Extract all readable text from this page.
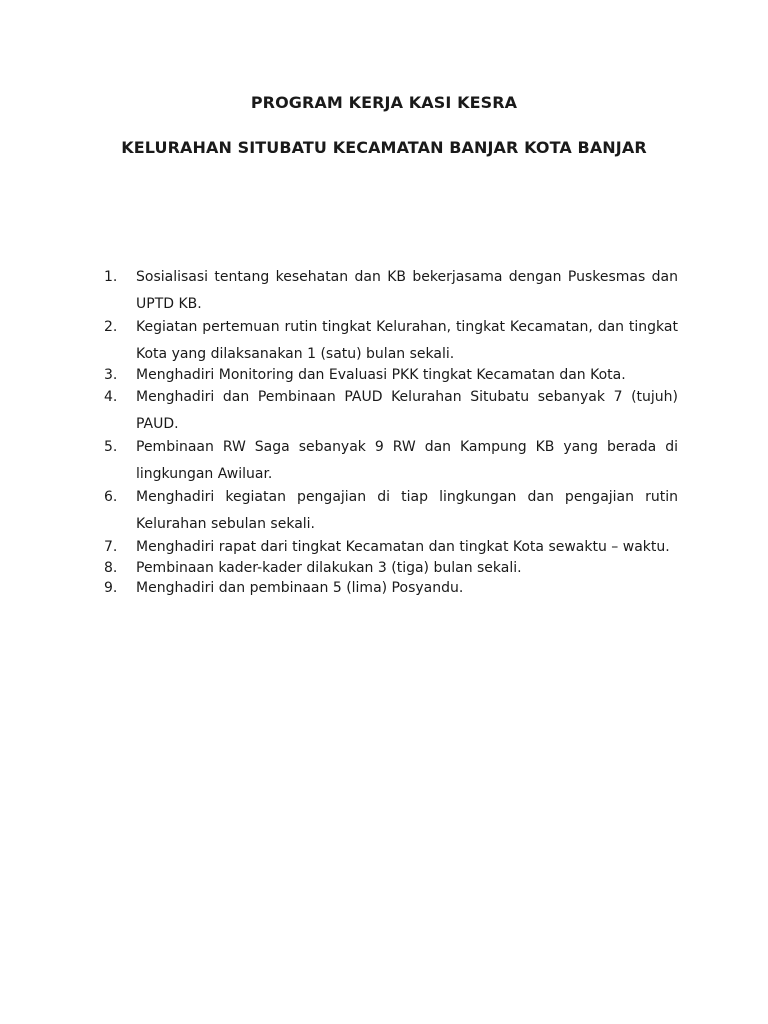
PROGRAM KERJA KASI KESRA
KELURAHAN SITUBATU KECAMATAN BANJAR KOTA BANJAR
1.	Sosialisasi tentang kesehatan dan KB bekerjasama dengan Puskesmas dan UPTD KB.
2.	Kegiatan pertemuan rutin tingkat Kelurahan, tingkat Kecamatan, dan tingkat Kota yang dilaksanakan 1 (satu) bulan sekali.
3.	Menghadiri Monitoring dan Evaluasi PKK tingkat Kecamatan dan Kota.
4.	Menghadiri dan Pembinaan PAUD Kelurahan Situbatu sebanyak 7 (tujuh) PAUD.
5.	Pembinaan RW Saga sebanyak 9 RW dan Kampung KB yang berada di lingkungan Awiluar.
6.	Menghadiri kegiatan pengajian di tiap lingkungan dan pengajian rutin Kelurahan sebulan sekali.
7.	Menghadiri rapat dari tingkat Kecamatan dan tingkat Kota sewaktu – waktu.
8.	Pembinaan kader-kader dilakukan 3 (tiga) bulan sekali.
9.	Menghadiri dan pembinaan 5 (lima) Posyandu.
